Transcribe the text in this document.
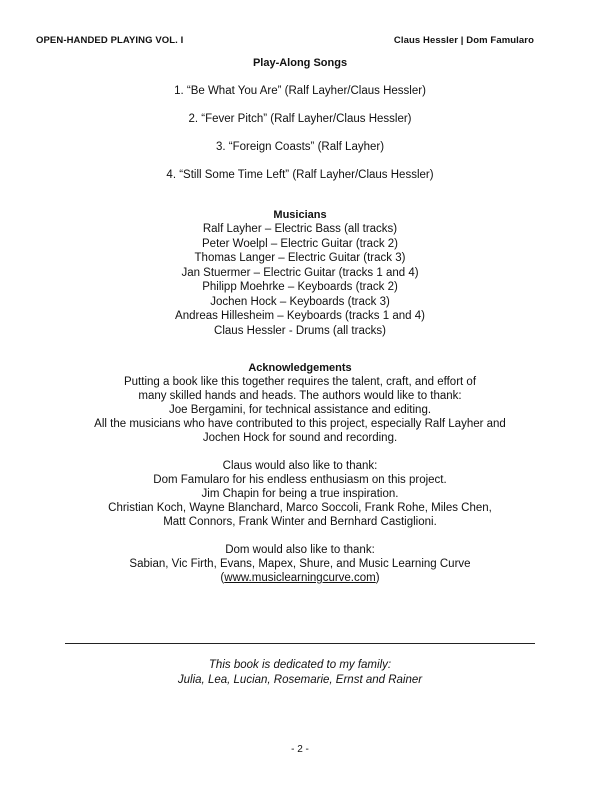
OPEN-HANDED PLAYING VOL. I	Claus Hessler | Dom Famularo
Play-Along Songs
1. “Be What You Are” (Ralf Layher/Claus Hessler)
2. “Fever Pitch” (Ralf Layher/Claus Hessler)
3. “Foreign Coasts” (Ralf Layher)
4. “Still Some Time Left” (Ralf Layher/Claus Hessler)
Musicians
Ralf Layher – Electric Bass (all tracks)
Peter Woelpl – Electric Guitar (track 2)
Thomas Langer – Electric Guitar (track 3)
Jan Stuermer – Electric Guitar (tracks 1 and 4)
Philipp Moehrke – Keyboards (track 2)
Jochen Hock – Keyboards (track 3)
Andreas Hillesheim – Keyboards (tracks 1 and 4)
Claus Hessler - Drums (all tracks)
Acknowledgements
Putting a book like this together requires the talent, craft, and effort of
many skilled hands and heads. The authors would like to thank:
Joe Bergamini, for technical assistance and editing.
All the musicians who have contributed to this project, especially Ralf Layher and
Jochen Hock for sound and recording.
Claus would also like to thank:
Dom Famularo for his endless enthusiasm on this project.
Jim Chapin for being a true inspiration.
Christian Koch, Wayne Blanchard, Marco Soccoli, Frank Rohe, Miles Chen,
Matt Connors, Frank Winter and Bernhard Castiglioni.
Dom would also like to thank:
Sabian, Vic Firth, Evans, Mapex, Shure, and Music Learning Curve
(www.musiclearningcurve.com)
This book is dedicated to my family:
Julia, Lea, Lucian, Rosemarie, Ernst and Rainer
- 2 -
